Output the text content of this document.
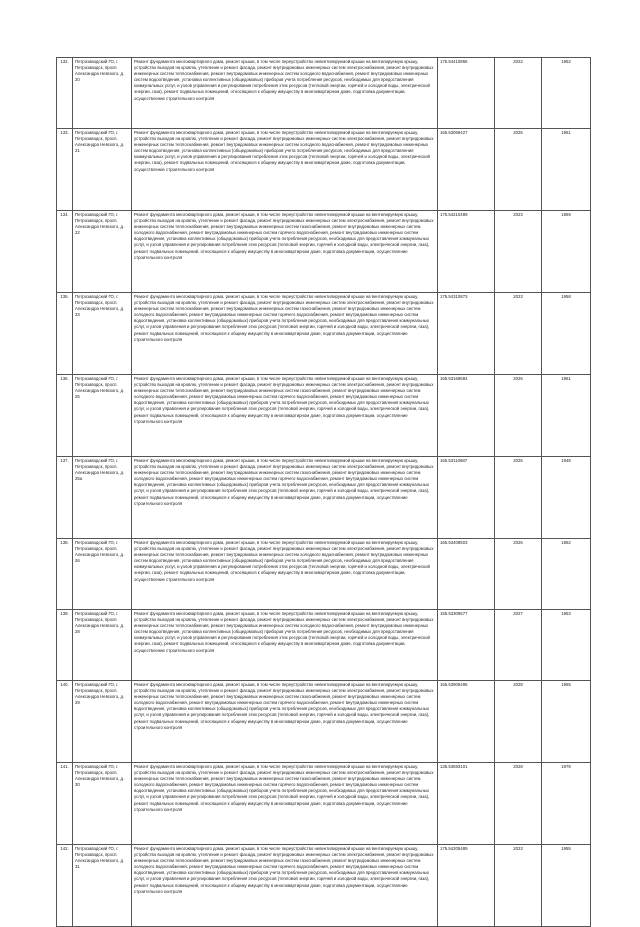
132.	Петрозаводский ГО, г. Петрозаводск, просп. Александра Невского, д. 20	Ремонт фундамента многоквартирного дома, ремонт крыши, в том числе переустройство невентилируемой крыши на вентилируемую крышу, устройство выходов на кровлю, утепление и ремонт фасада, ремонт внутридомовых инженерных систем электроснабжения, ремонт внутридомовых инженерных систем теплоснабжения, ремонт внутридомовых инженерных систем холодного водоснабжения, ремонт внутридомовых инженерных систем водоотведения, установка коллективных (общедомовых) приборов учета потребления ресурсов, необходимых для предоставления коммунальных услуг, и узлов управления и регулирования потребления этих ресурсов (тепловой энергии, горячей и холодной воды, электрической энергии, газа), ремонт подвальных помещений, относящихся к общему имуществу в многоквартирном доме, подготовка документации, осуществление строительного контроля	175.54410866	2022	1952
133.	Петрозаводский ГО, г. Петрозаводск, просп. Александра Невского, д. 21	Ремонт фундамента многоквартирного дома, ремонт крыши, в том числе переустройство невентилируемой крыши на вентилируемую крышу, устройство выходов на кровлю, утепление и ремонт фасада, ремонт внутридомовых инженерных систем электроснабжения, ремонт внутридомовых инженерных систем теплоснабжения, ремонт внутридомовых инженерных систем холодного водоснабжения, ремонт внутридомовых инженерных систем водоотведения, установка коллективных (общедомовых) приборов учета потребления ресурсов, необходимых для предоставления коммунальных услуг, и узлов управления и регулирования потребления этих ресурсов (тепловой энергии, горячей и холодной воды, электрической энергии, газа), ремонт подвальных помещений, относящихся к общему имуществу в многоквартирном доме, подготовка документации, осуществление строительного контроля	165.53069427	2026	1951
134.	Петрозаводский ГО, г. Петрозаводск, просп. Александра Невского, д. 22	Ремонт фундамента многоквартирного дома, ремонт крыши, в том числе переустройство невентилируемой крыши на вентилируемую крышу, устройство выходов на кровлю, утепление и ремонт фасада, ремонт внутридомовых инженерных систем электроснабжения, ремонт внутридомовых инженерных систем теплоснабжения, ремонт внутридомовых инженерных систем газоснабжения, ремонт внутридомовых инженерных систем холодного водоснабжения, ремонт внутридомовых инженерных систем горячего водоснабжения, ремонт внутридомовых инженерных систем водоотведения, установка коллективных (общедомовых) приборов учета потребления ресурсов, необходимых для предоставления коммунальных услуг, и узлов управления и регулирования потребления этих ресурсов (тепловой энергии, горячей и холодной воды, электрической энергии, газа), ремонт подвальных помещений, относящихся к общему имуществу в многоквартирном доме, подготовка документации, осуществление строительного контроля	175.54210489	2023	1959
135.	Петрозаводский ГО, г. Петрозаводск, просп. Александра Невского, д. 23	Ремонт фундамента многоквартирного дома, ремонт крыши, в том числе переустройство невентилируемой крыши на вентилируемую крышу, устройство выходов на кровлю, утепление и ремонт фасада, ремонт внутридомовых инженерных систем электроснабжения, ремонт внутридомовых инженерных систем теплоснабжения, ремонт внутридомовых инженерных систем газоснабжения, ремонт внутридомовых инженерных систем холодного водоснабжения, ремонт внутридомовых инженерных систем горячего водоснабжения, ремонт внутридомовых инженерных систем водоотведения, установка коллективных (общедомовых) приборов учета потребления ресурсов, необходимых для предоставления коммунальных услуг, и узлов управления и регулирования потребления этих ресурсов (тепловой энергии, горячей и холодной воды, электрической энергии, газа), ремонт подвальных помещений, относящихся к общему имуществу в многоквартирном доме, подготовка документации, осуществление строительного контроля	175.54310873	2023	1958
136.	Петрозаводский ГО, г. Петрозаводск, просп. Александра Невского, д. 25	Ремонт фундамента многоквартирного дома, ремонт крыши, в том числе переустройство невентилируемой крыши на вентилируемую крышу, устройство выходов на кровлю, утепление и ремонт фасада, ремонт внутридомовых инженерных систем электроснабжения, ремонт внутридомовых инженерных систем теплоснабжения, ремонт внутридомовых инженерных систем газоснабжения, ремонт внутридомовых инженерных систем холодного водоснабжения, ремонт внутридомовых инженерных систем горячего водоснабжения, ремонт внутридомовых инженерных систем водоотведения, установка коллективных (общедомовых) приборов учета потребления ресурсов, необходимых для предоставления коммунальных услуг, и узлов управления и регулирования потребления этих ресурсов (тепловой энергии, горячей и холодной воды, электрической энергии, газа), ремонт подвальных помещений, относящихся к общему имуществу в многоквартирном доме, подготовка документации, осуществление строительного контроля	165.53169684	2026	1961
137.	Петрозаводский ГО, г. Петрозаводск, просп. Александра Невского, д. 25а	Ремонт фундамента многоквартирного дома, ремонт крыши, в том числе переустройство невентилируемой крыши на вентилируемую крышу, устройство выходов на кровлю, утепление и ремонт фасада, ремонт внутридомовых инженерных систем электроснабжения, ремонт внутридомовых инженерных систем теплоснабжения, ремонт внутридомовых инженерных систем газоснабжения, ремонт внутридомовых инженерных систем холодного водоснабжения, ремонт внутридомовых инженерных систем горячего водоснабжения, ремонт внутридомовых инженерных систем водоотведения, установка коллективных (общедомовых) приборов учета потребления ресурсов, необходимых для предоставления коммунальных услуг, и узлов управления и регулирования потребления этих ресурсов (тепловой энергии, горячей и холодной воды, электрической энергии, газа), ремонт подвальных помещений, относящихся к общему имуществу в многоквартирном доме, подготовка документации, осуществление строительного контроля	165.53110687	2026	1948
138.	Петрозаводский ГО, г. Петрозаводск, просп. Александра Невского, д. 26	Ремонт фундамента многоквартирного дома, ремонт крыши, в том числе переустройство невентилируемой крыши на вентилируемую крышу, устройство выходов на кровлю, утепление и ремонт фасада, ремонт внутридомовых инженерных систем электроснабжения, ремонт внутридомовых инженерных систем теплоснабжения, ремонт внутридомовых инженерных систем холодного водоснабжения, ремонт внутридомовых инженерных систем водоотведения, установка коллективных (общедомовых) приборов учета потребления ресурсов, необходимых для предоставления коммунальных услуг, и узлов управления и регулирования потребления этих ресурсов (тепловой энергии, горячей и холодной воды, электрической энергии, газа), ремонт подвальных помещений, относящихся к общему имуществу в многоквартирном доме, подготовка документации, осуществление строительного контроля	165.53408503	2026	1952
139.	Петрозаводский ГО, г. Петрозаводск, просп. Александра Невского, д. 28	Ремонт фундамента многоквартирного дома, ремонт крыши, в том числе переустройство невентилируемой крыши на вентилируемую крышу, устройство выходов на кровлю, утепление и ремонт фасада, ремонт внутридомовых инженерных систем электроснабжения, ремонт внутридомовых инженерных систем теплоснабжения, ремонт внутридомовых инженерных систем холодного водоснабжения, ремонт внутридомовых инженерных систем водоотведения, установка коллективных (общедомовых) приборов учета потребления ресурсов, необходимых для предоставления коммунальных услуг, и узлов управления и регулирования потребления этих ресурсов (тепловой энергии, горячей и холодной воды, электрической энергии, газа), ремонт подвальных помещений, относящихся к общему имуществу в многоквартирном доме, подготовка документации, осуществление строительного контроля	155.53309577	2027	1953
140.	Петрозаводский ГО, г. Петрозаводск, просп. Александра Невского, д. 29	Ремонт фундамента многоквартирного дома, ремонт крыши, в том числе переустройство невентилируемой крыши на вентилируемую крышу, устройство выходов на кровлю, утепление и ремонт фасада, ремонт внутридомовых инженерных систем электроснабжения, ремонт внутридомовых инженерных систем теплоснабжения, ремонт внутридомовых инженерных систем газоснабжения, ремонт внутридомовых инженерных систем холодного водоснабжения, ремонт внутридомовых инженерных систем горячего водоснабжения, ремонт внутридомовых инженерных систем водоотведения, установка коллективных (общедомовых) приборов учета потребления ресурсов, необходимых для предоставления коммунальных услуг, и узлов управления и регулирования потребления этих ресурсов (тепловой энергии, горячей и холодной воды, электрической энергии, газа), ремонт подвальных помещений, относящихся к общему имуществу в многоквартирном доме, подготовка документации, осуществление строительного контроля	155.53905496	2028	1955
141.	Петрозаводский ГО, г. Петрозаводск, просп. Александра Невского, д. 30	Ремонт фундамента многоквартирного дома, ремонт крыши, в том числе переустройство невентилируемой крыши на вентилируемую крышу, устройство выходов на кровлю, утепление и ремонт фасада, ремонт внутридомовых инженерных систем электроснабжения, ремонт внутридомовых инженерных систем теплоснабжения, ремонт внутридомовых инженерных систем газоснабжения, ремонт внутридомовых инженерных систем холодного водоснабжения, ремонт внутридомовых инженерных систем горячего водоснабжения, ремонт внутридомовых инженерных систем водоотведения, установка коллективных (общедомовых) приборов учета потребления ресурсов, необходимых для предоставления коммунальных услуг, и узлов управления и регулирования потребления этих ресурсов (тепловой энергии, горячей и холодной воды, электрической энергии, газа), ремонт подвальных помещений, относящихся к общему имуществу в многоквартирном доме, подготовка документации, осуществление строительного контроля	135.53593101	2028	1978
142.	Петрозаводский ГО, г. Петрозаводск, просп. Александра Невского, д. 31	Ремонт фундамента многоквартирного дома, ремонт крыши, в том числе переустройство невентилируемой крыши на вентилируемую крышу, устройство выходов на кровлю, утепление и ремонт фасада, ремонт внутридомовых инженерных систем электроснабжения, ремонт внутридомовых инженерных систем теплоснабжения, ремонт внутридомовых инженерных систем газоснабжения, ремонт внутридомовых инженерных систем холодного водоснабжения, ремонт внутридомовых инженерных систем горячего водоснабжения, ремонт внутридомовых инженерных систем водоотведения, установка коллективных (общедомовых) приборов учета потребления ресурсов, необходимых для предоставления коммунальных услуг, и узлов управления и регулирования потребления этих ресурсов (тепловой энергии, горячей и холодной воды, электрической энергии, газа), ремонт подвальных помещений, относящихся к общему имуществу в многоквартирном доме, подготовка документации, осуществление строительного контроля	175.54205489	2023	1955
